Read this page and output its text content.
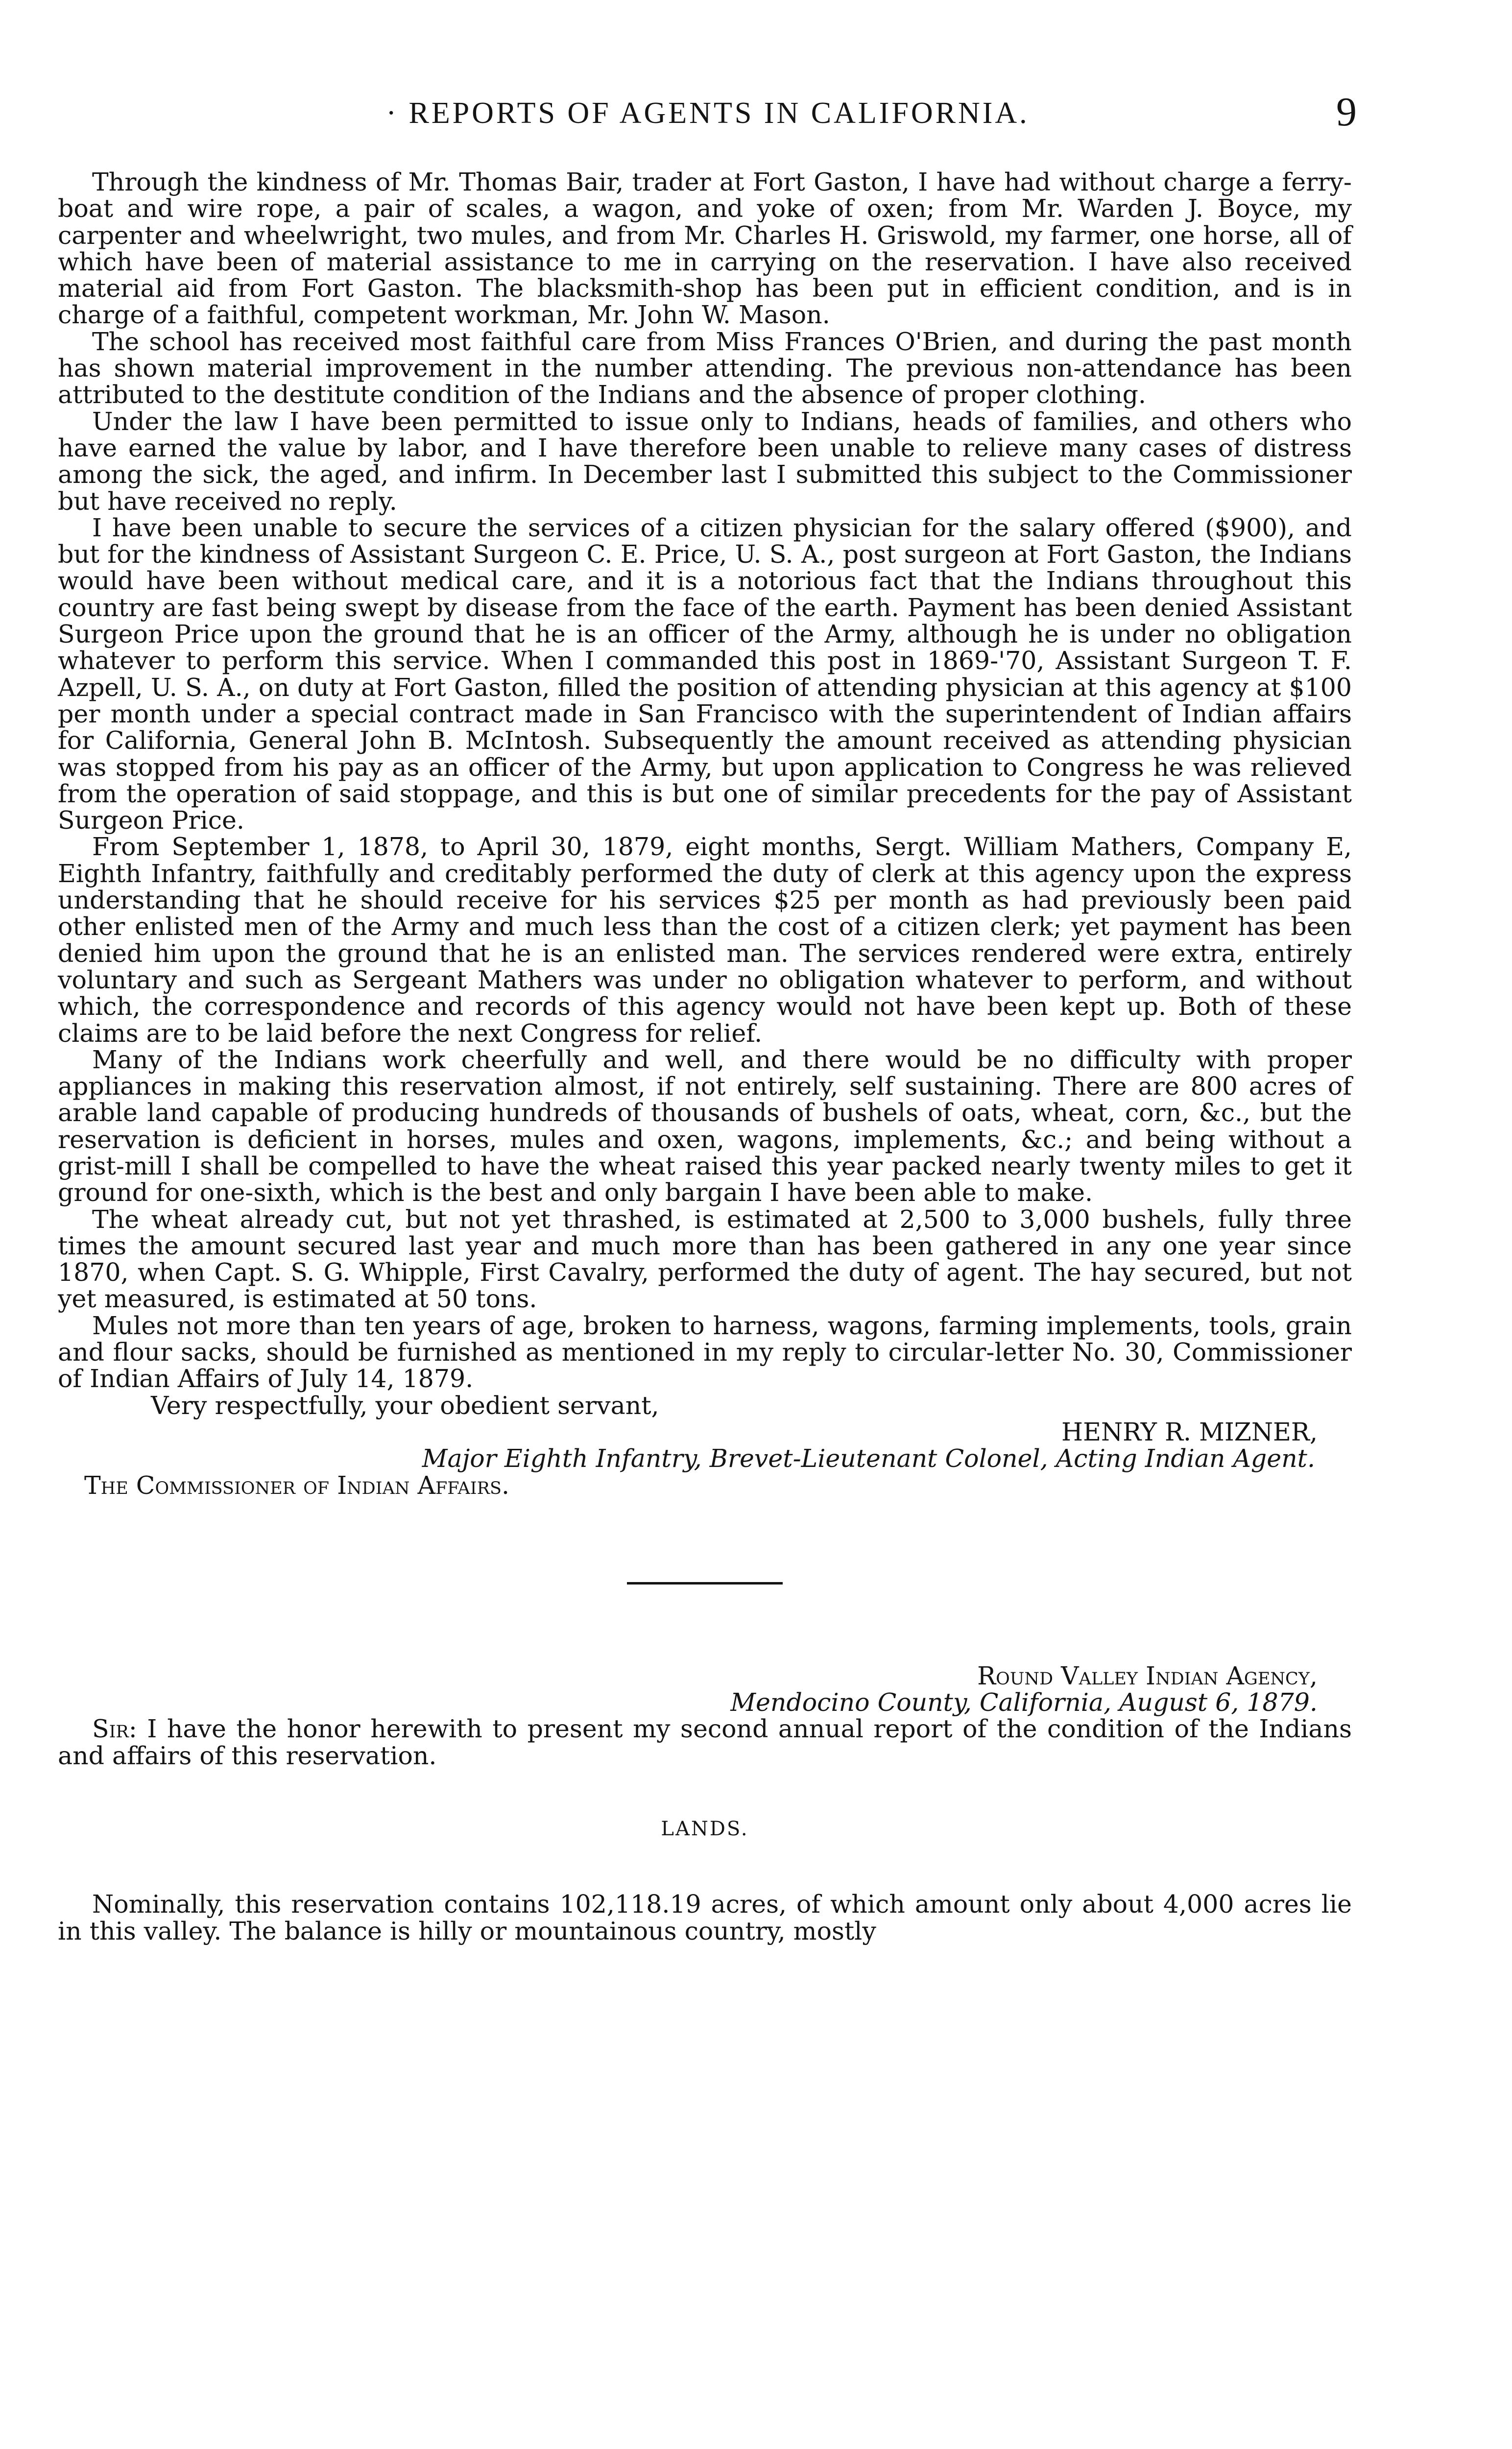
· REPORTS OF AGENTS IN CALIFORNIA.	9

Through the kindness of Mr. Thomas Bair, trader at Fort Gaston, I have had without charge a ferry-boat and wire rope, a pair of scales, a wagon, and yoke of oxen; from Mr. Warden J. Boyce, my carpenter and wheelwright, two mules, and from Mr. Charles H. Griswold, my farmer, one horse, all of which have been of material assistance to me in carrying on the reservation. I have also received material aid from Fort Gaston. The blacksmith-shop has been put in efficient condition, and is in charge of a faithful, competent workman, Mr. John W. Mason.

The school has received most faithful care from Miss Frances O'Brien, and during the past month has shown material improvement in the number attending. The previous non-attendance has been attributed to the destitute condition of the Indians and the absence of proper clothing.

Under the law I have been permitted to issue only to Indians, heads of families, and others who have earned the value by labor, and I have therefore been unable to relieve many cases of distress among the sick, the aged, and infirm. In December last I submitted this subject to the Commissioner but have received no reply.

I have been unable to secure the services of a citizen physician for the salary offered ($900), and but for the kindness of Assistant Surgeon C. E. Price, U. S. A., post surgeon at Fort Gaston, the Indians would have been without medical care, and it is a notorious fact that the Indians throughout this country are fast being swept by disease from the face of the earth. Payment has been denied Assistant Surgeon Price upon the ground that he is an officer of the Army, although he is under no obligation whatever to perform this service. When I commanded this post in 1869-'70, Assistant Surgeon T. F. Azpell, U. S. A., on duty at Fort Gaston, filled the position of attending physician at this agency at $100 per month under a special contract made in San Francisco with the superintendent of Indian affairs for California, General John B. McIntosh. Subsequently the amount received as attending physician was stopped from his pay as an officer of the Army, but upon application to Congress he was relieved from the operation of said stoppage, and this is but one of similar precedents for the pay of Assistant Surgeon Price.

From September 1, 1878, to April 30, 1879, eight months, Sergt. William Mathers, Company E, Eighth Infantry, faithfully and creditably performed the duty of clerk at this agency upon the express understanding that he should receive for his services $25 per month as had previously been paid other enlisted men of the Army and much less than the cost of a citizen clerk; yet payment has been denied him upon the ground that he is an enlisted man. The services rendered were extra, entirely voluntary and such as Sergeant Mathers was under no obligation whatever to perform, and without which, the correspondence and records of this agency would not have been kept up. Both of these claims are to be laid before the next Congress for relief.

Many of the Indians work cheerfully and well, and there would be no difficulty with proper appliances in making this reservation almost, if not entirely, self sustaining. There are 800 acres of arable land capable of producing hundreds of thousands of bushels of oats, wheat, corn, &c., but the reservation is deficient in horses, mules and oxen, wagons, implements, &c.; and being without a grist-mill I shall be compelled to have the wheat raised this year packed nearly twenty miles to get it ground for one-sixth, which is the best and only bargain I have been able to make.

The wheat already cut, but not yet thrashed, is estimated at 2,500 to 3,000 bushels, fully three times the amount secured last year and much more than has been gathered in any one year since 1870, when Capt. S. G. Whipple, First Cavalry, performed the duty of agent. The hay secured, but not yet measured, is estimated at 50 tons.

Mules not more than ten years of age, broken to harness, wagons, farming implements, tools, grain and flour sacks, should be furnished as mentioned in my reply to circular-letter No. 30, Commissioner of Indian Affairs of July 14, 1879.

Very respectfully, your obedient servant,
HENRY R. MIZNER,
Major Eighth Infantry, Brevet-Lieutenant Colonel, Acting Indian Agent.
The Commissioner of Indian Affairs.
Round Valley Indian Agency,
Mendocino County, California, August 6, 1879.

Sir: I have the honor herewith to present my second annual report of the condition of the Indians and affairs of this reservation.

LANDS.

Nominally, this reservation contains 102,118.19 acres, of which amount only about 4,000 acres lie in this valley. The balance is hilly or mountainous country, mostly
